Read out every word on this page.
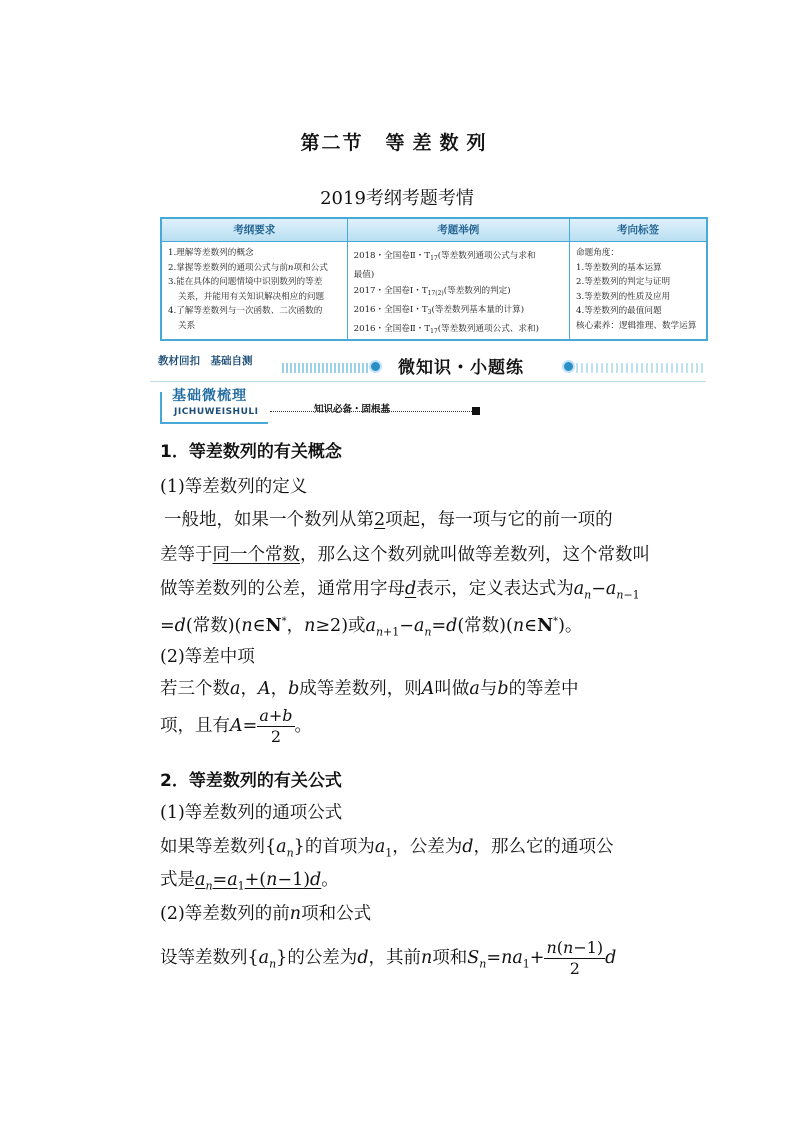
第二节 等差数列
2019考纲考题考情
考纲要求
1.理解等差数列的概念
2.掌握等差数列的通项公式与前n项和公式
3.能在具体的问题情境中识别数列的等差
关系，并能用有关知识解决相应的问题
4.了解等差数列与一次函数、二次函数的
关系
考题举例
2018・全国卷Ⅱ・$T_{17}$(等差数列通项公式与求和
最值)
2017・全国卷Ⅰ・$T_{17(2)}$(等差数列的判定)
2016・全国卷Ⅰ・$T_3$(等差数列基本量的计算)
2016・全国卷Ⅱ・$T_{17}$(等差数列通项公式、求和)
考向标签
命题角度：
1.等差数列的基本运算
2.等差数列的判定与证明
3.等差数列的性质及应用
4.等差数列的最值问题
核心素养：逻辑推理、数学运算
教材回扣　基础自测	微知识・小题练
基础微梳理
JICHUWEISHULI	知识必备・固根基
1．等差数列的有关概念
(1)等差数列的定义
一般地，如果一个数列从第2项起，每一项与它的前一项的
差等于同一个常数，那么这个数列就叫做等差数列，这个常数叫
做等差数列的公差，通常用字母d表示，定义表达式为$a_n-a_{n-1}$
=d(常数)(n∈N*，n≥2)或$a_{n+1}-a_n=d$(常数)(n∈N*)。
(2)等差中项
若三个数a，A，b成等差数列，则A叫做a与b的等差中
项，且有$A= \frac{a+b}{2}$ 。
2．等差数列的有关公式
(1)等差数列的通项公式
如果等差数列$\{a_n\}$的首项为$a_1$，公差为d，那么它的通项公
式是$a_n=a_1+(n-1)d$。
(2)等差数列的前n项和公式
设等差数列$\{a_n\}$的公差为d，其前n项和$S_n=na_1+ \frac{n(n-1)}{2}$ d
